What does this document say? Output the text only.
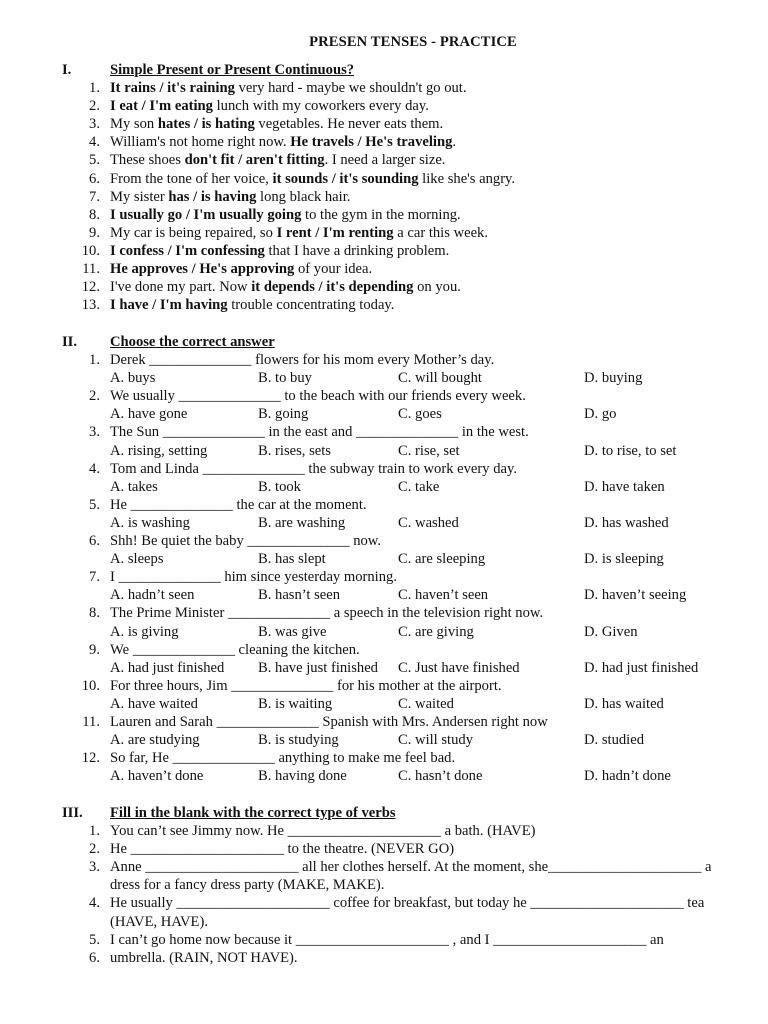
PRESEN TENSES - PRACTICE
I.	Simple Present or Present Continuous?
1. It rains / it's raining very hard - maybe we shouldn't go out.
2. I eat / I'm eating lunch with my coworkers every day.
3. My son hates / is hating vegetables. He never eats them.
4. William's not home right now. He travels / He's traveling.
5. These shoes don't fit / aren't fitting. I need a larger size.
6. From the tone of her voice, it sounds / it's sounding like she's angry.
7. My sister has / is having long black hair.
8. I usually go / I'm usually going to the gym in the morning.
9. My car is being repaired, so I rent / I'm renting a car this week.
10. I confess / I'm confessing that I have a drinking problem.
11. He approves / He's approving of your idea.
12. I've done my part. Now it depends / it's depending on you.
13. I have / I'm having trouble concentrating today.
II. Choose the correct answer
1. Derek ______________ flowers for his mom every Mother’s day.
A. buys	B. to buy	C. will bought	D. buying
2. We usually ______________ to the beach with our friends every week.
A. have gone	B. going	C. goes	D. go
3. The Sun ______________ in the east and ______________ in the west.
A. rising, setting	B. rises, sets	C. rise, set	D. to rise, to set
4. Tom and Linda ______________ the subway train to work every day.
A. takes	B. took	C. take	D. have taken
5. He ______________ the car at the moment.
A. is washing	B. are washing	C. washed	D. has washed
6. Shh! Be quiet the baby ______________ now.
A. sleeps	B. has slept	C. are sleeping	D. is sleeping
7. I ______________ him since yesterday morning.
A. hadn’t seen	B. hasn’t seen	C. haven’t seen	D. haven’t seeing
8. The Prime Minister ______________ a speech in the television right now.
A. is giving	B. was give	C. are giving	D. Given
9. We ______________ cleaning the kitchen.
A. had just finished B. have just finished C. Just have finished	D. had just finished
10. For three hours, Jim ______________ for his mother at the airport.
A. have waited	B. is waiting	C. waited	D. has waited
11. Lauren and Sarah ______________ Spanish with Mrs. Andersen right now
A. are studying	B. is studying	C. will study	D. studied
12. So far, He ______________ anything to make me feel bad.
A. haven’t done	B. having done	C. hasn’t done	D. hadn’t done
III. Fill in the blank with the correct type of verbs
1. You can’t see Jimmy now. He _____________________ a bath. (HAVE)
2. He _____________________ to the theatre. (NEVER GO)
3. Anne _____________________ all her clothes herself. At the moment, she_____________________ a
dress for a fancy dress party (MAKE, MAKE).
4. He usually _____________________ coffee for breakfast, but today he _____________________ tea
(HAVE, HAVE).
5. I can’t go home now because it _____________________ , and I _____________________ an
6. umbrella. (RAIN, NOT HAVE).
